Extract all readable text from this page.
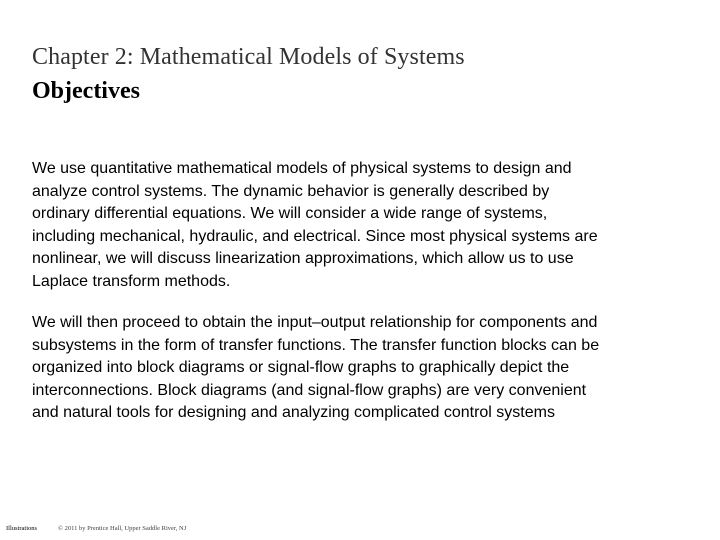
Chapter 2: Mathematical Models of Systems
Objectives

We use quantitative mathematical models of physical systems to design and
analyze control systems. The dynamic behavior is generally described by
ordinary differential equations. We will consider a wide range of systems,
including mechanical, hydraulic, and electrical. Since most physical systems are
nonlinear, we will discuss linearization approximations, which allow us to use
Laplace transform methods.

We will then proceed to obtain the input–output relationship for components and
subsystems in the form of transfer functions. The transfer function blocks can be
organized into block diagrams or signal-flow graphs to graphically depict the
interconnections. Block diagrams (and signal-flow graphs) are very convenient
and natural tools for designing and analyzing complicated control systems

Illustrations	© 2011 by Prentice Hall, Upper Saddle River, NJ
